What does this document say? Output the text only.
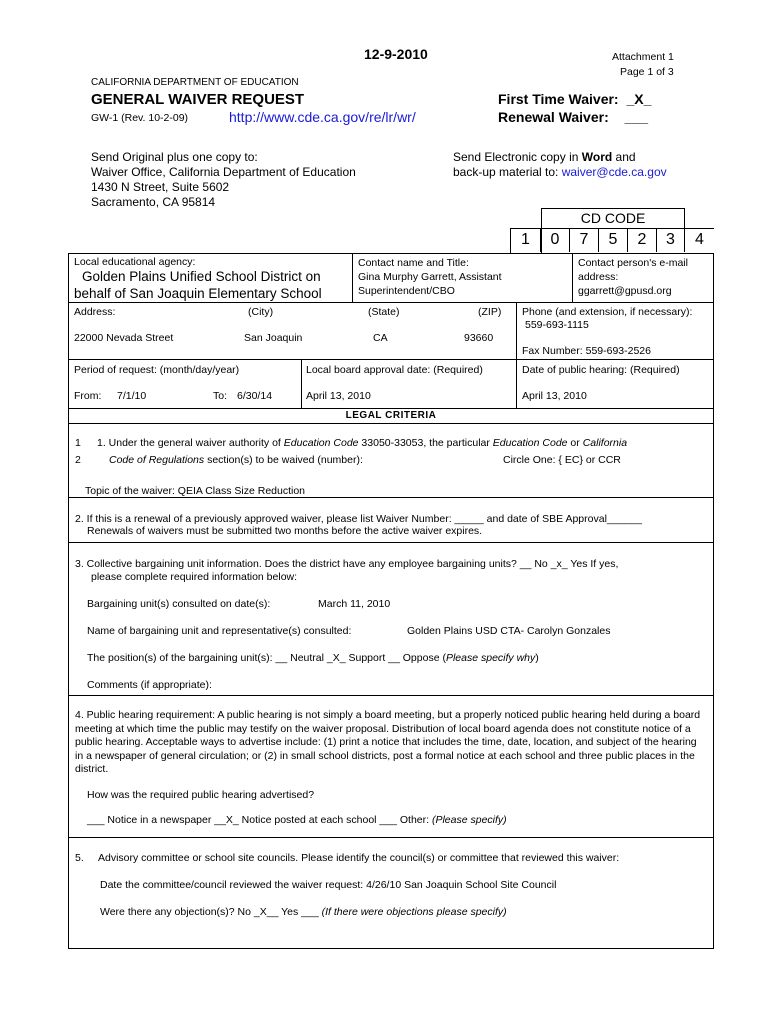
12-9-2010	Attachment 1
Page 1 of 3
CALIFORNIA DEPARTMENT OF EDUCATION
GENERAL WAIVER REQUEST
GW-1 (Rev. 10-2-09)	http://www.cde.ca.gov/re/lr/wr/
First Time Waiver: _X_
Renewal Waiver: ___
Send Original plus one copy to:
Waiver Office, California Department of Education
1430 N Street, Suite 5602
Sacramento, CA 95814
Send Electronic copy in Word and
back-up material to: waiver@cde.ca.gov
CD CODE
1	0	7	5	2	3	4
Local educational agency:
Golden Plains Unified School District on
behalf of San Joaquin Elementary School
Contact name and Title:
Gina Murphy Garrett, Assistant
Superintendent/CBO
Contact person's e-mail
address:
ggarrett@gpusd.org
Address:	(City)	(State)	(ZIP)
22000 Nevada Street	San Joaquin	CA	93660
Phone (and extension, if necessary):
559-693-1115
Fax Number: 559-693-2526
Period of request: (month/day/year)
From: 7/1/10	To: 6/30/14
Local board approval date: (Required)
April 13, 2010
Date of public hearing: (Required)
April 13, 2010
LEGAL CRITERIA
1
2
1. Under the general waiver authority of Education Code 33050-33053, the particular Education Code or California
Code of Regulations section(s) to be waived (number):	Circle One: { EC} or CCR
Topic of the waiver: QEIA Class Size Reduction
2. If this is a renewal of a previously approved waiver, please list Waiver Number: _____ and date of SBE Approval______
Renewals of waivers must be submitted two months before the active waiver expires.
3. Collective bargaining unit information. Does the district have any employee bargaining units? __ No _x_ Yes If yes,
please complete required information below:
Bargaining unit(s) consulted on date(s):	March 11, 2010
Name of bargaining unit and representative(s) consulted:	Golden Plains USD CTA- Carolyn Gonzales
The position(s) of the bargaining unit(s): __ Neutral _X_ Support __ Oppose (Please specify why)
Comments (if appropriate):
4. Public hearing requirement: A public hearing is not simply a board meeting, but a properly noticed public hearing held during a board meeting at which time the public may testify on the waiver proposal. Distribution of local board agenda does not constitute notice of a public hearing. Acceptable ways to advertise include: (1) print a notice that includes the time, date, location, and subject of the hearing in a newspaper of general circulation; or (2) in small school districts, post a formal notice at each school and three public places in the district.
How was the required public hearing advertised?
___ Notice in a newspaper __X_ Notice posted at each school ___ Other: (Please specify)
5. Advisory committee or school site councils. Please identify the council(s) or committee that reviewed this waiver:
Date the committee/council reviewed the waiver request: 4/26/10 San Joaquin School Site Council
Were there any objection(s)? No _X__ Yes ___ (If there were objections please specify)
